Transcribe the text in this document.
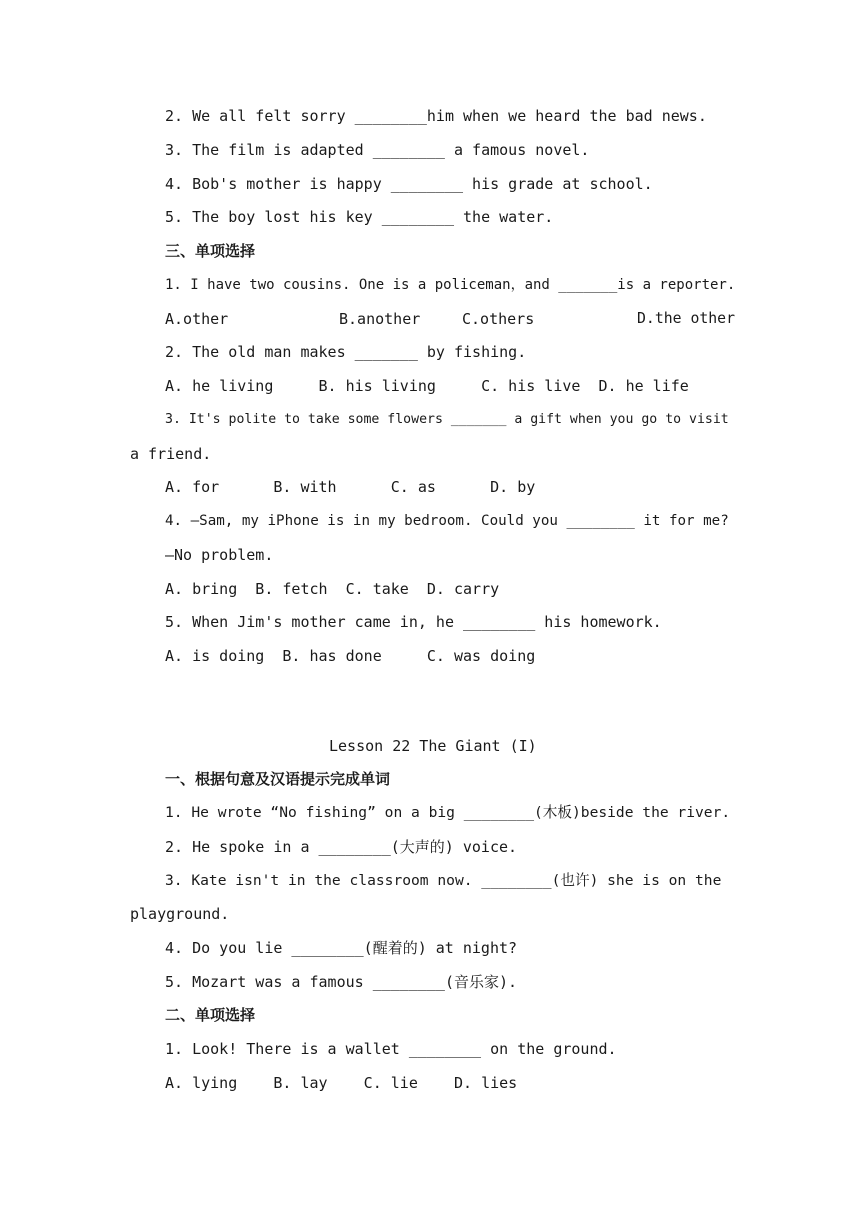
2. We all felt sorry ________him when we heard the bad news.
3. The film is adapted ________ a famous novel.
4. Bob's mother is happy ________ his grade at school.
5. The boy lost his key ________ the water.
三、单项选择
1. I have two cousins. One is a policeman，and _______is a reporter.
A.other	B.another	C.others	D.the other
2. The old man makes _______ by fishing.
A. he living     B. his living     C. his live  D. he life
3. It's polite to take some flowers _______ a gift when you go to visit
a friend.
A. for      B. with      C. as      D. by
4. —Sam, my iPhone is in my bedroom. Could you ________ it for me?
—No problem.
A. bring  B. fetch  C. take  D. carry
5. When Jim's mother came in, he ________ his homework.
A. is doing  B. has done     C. was doing
Lesson 22 The Giant (I)
一、根据句意及汉语提示完成单词
1. He wrote “No fishing” on a big ________(木板)beside the river.
2. He spoke in a ________(大声的) voice.
3. Kate isn't in the classroom now. ________(也许) she is on the
playground.
4. Do you lie ________(醒着的) at night?
5. Mozart was a famous ________(音乐家).
二、单项选择
1. Look! There is a wallet ________ on the ground.
A. lying    B. lay    C. lie    D. lies
